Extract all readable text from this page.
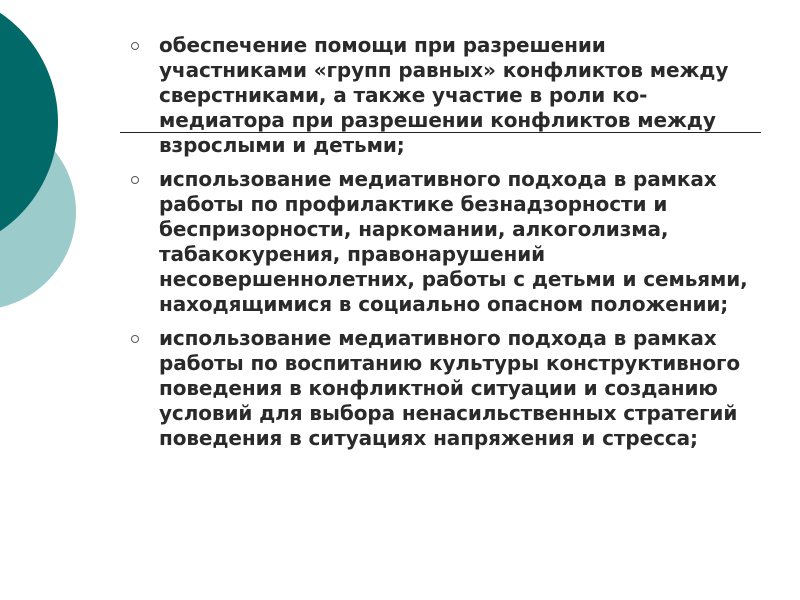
обеспечение помощи при разрешении участниками «групп равных» конфликтов между сверстниками, а также участие в роли ко-медиатора при разрешении конфликтов между взрослыми и детьми;
использование медиативного подхода в рамках работы по профилактике безнадзорности и беспризорности, наркомании, алкоголизма, табакокурения, правонарушений несовершеннолетних, работы с детьми и семьями, находящимися в социально опасном положении;
использование медиативного подхода в рамках работы по воспитанию культуры конструктивного поведения в конфликтной ситуации и созданию условий для выбора ненасильственных стратегий поведения в ситуациях напряжения и стресса;
